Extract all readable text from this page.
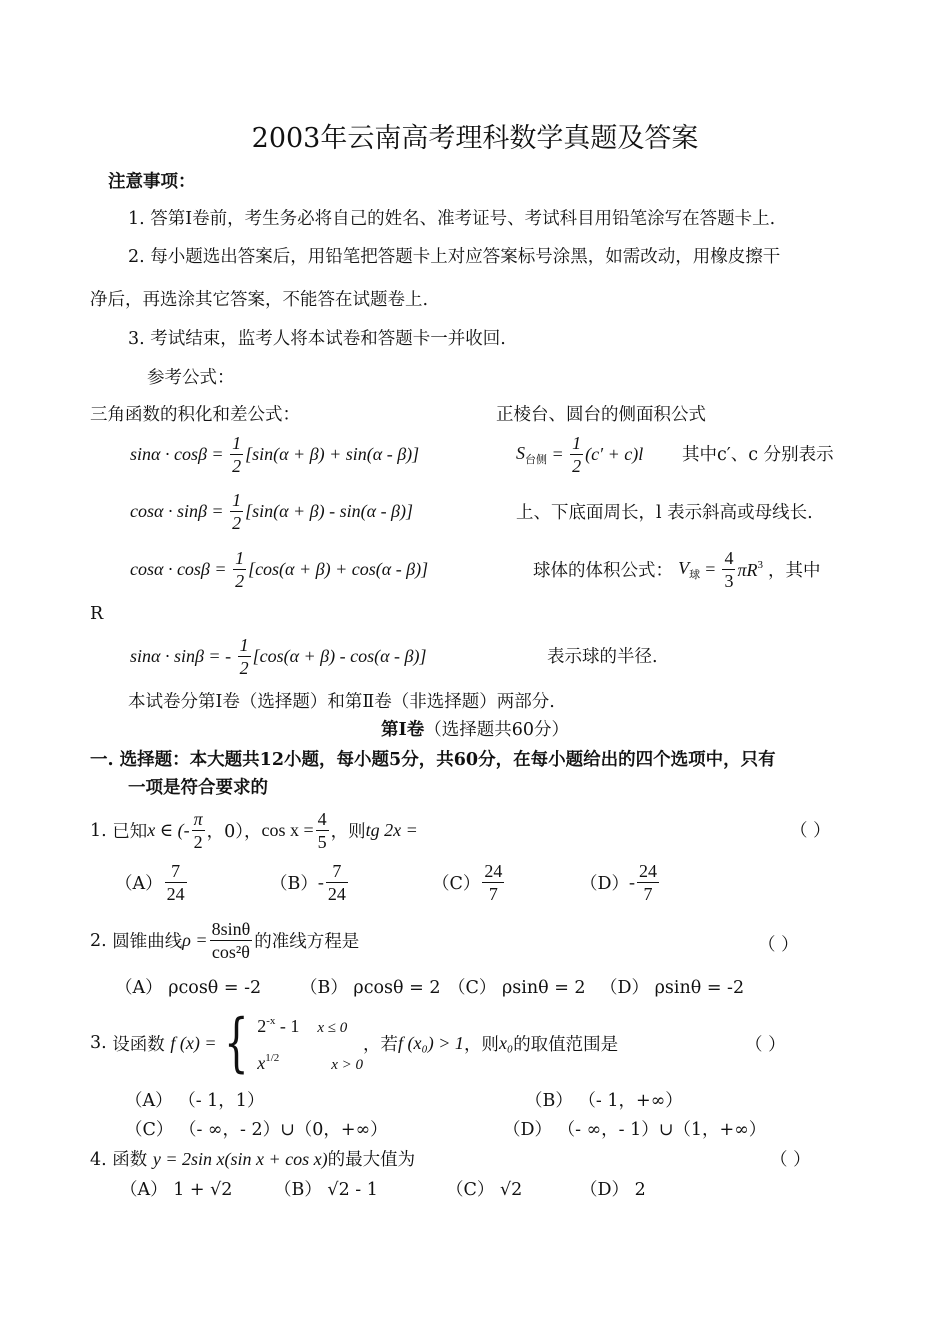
2003年云南高考理科数学真题及答案
注意事项：
1. 答第Ⅰ卷前，考生务必将自己的姓名、准考证号、考试科目用铅笔涂写在答题卡上.
2. 每小题选出答案后，用铅笔把答题卡上对应答案标号涂黑，如需改动，用橡皮擦干
净后，再选涂其它答案，不能答在试题卷上.
3. 考试结束，监考人将本试卷和答题卡一并收回.
参考公式：
三角函数的积化和差公式：	正棱台、圆台的侧面积公式
$\sin\alpha \cdot \cos\beta = \frac{1}{2} [\sin(\alpha + \beta) + \sin(\alpha - \beta)]$	$S_{台侧} = \frac{1}{2} (c' + c)l$ 其中c′、c 分别表示
$\cos\alpha \cdot \sin\beta = \frac{1}{2} [\sin(\alpha + \beta) - \sin(\alpha - \beta)]$	上、下底面周长，l 表示斜高或母线长.
$\cos\alpha \cdot \cos\beta = \frac{1}{2} [\cos(\alpha + \beta) + \cos(\alpha - \beta)]$	球体的体积公式： $V_球 = \frac{4}{3} \pi R^3$ ，其中
R
sinα · sinβ = - $\frac{1}{2} [\cos(\alpha + \beta) - \cos(\alpha - \beta)]$	表示球的半径.
本试卷分第Ⅰ卷（选择题）和第Ⅱ卷（非选择题）两部分.
第Ⅰ卷（选择题共60分）
一. 选择题：本大题共12小题，每小题5分，共60分，在每小题给出的四个选项中，只有
一项是符合要求的
1. 已知x ∈ (- $\frac{\pi}{2}$ ，0），$\cos x = \frac{4}{5}$ ，则tg 2x =	（ ）
$(A) \frac{7}{24}$	$(B)- \frac{7}{24}$	$(C) \frac{24}{7}$	$(D)- \frac{24}{7}$
2. 圆锥曲线$\rho = \frac{8\sin\theta}{\text{cos²θ}}$ 的准线方程是	（ ）
（A） ρcosθ = -2 （B） ρcosθ = 2 （C） ρsinθ = 2 （D） ρsinθ = -2
3. 设函数 f (x) = { $2^{-x} - 1$ x ≤ 0
$x^{1/2}$	x > 0
，若f (x₀) > 1，则x₀的取值范围是	（ ）
（A） （- 1，1）	（B） （- 1，+∞）
（C） （- ∞，- 2）∪（0，+∞）	（D） （- ∞，- 1）∪（1，+∞）
4. 函数 y = 2sin x(sin x + cos x)的最大值为	（ ）
（A） 1 + √2 （B） √2 - 1	（C） √2	（D） 2
